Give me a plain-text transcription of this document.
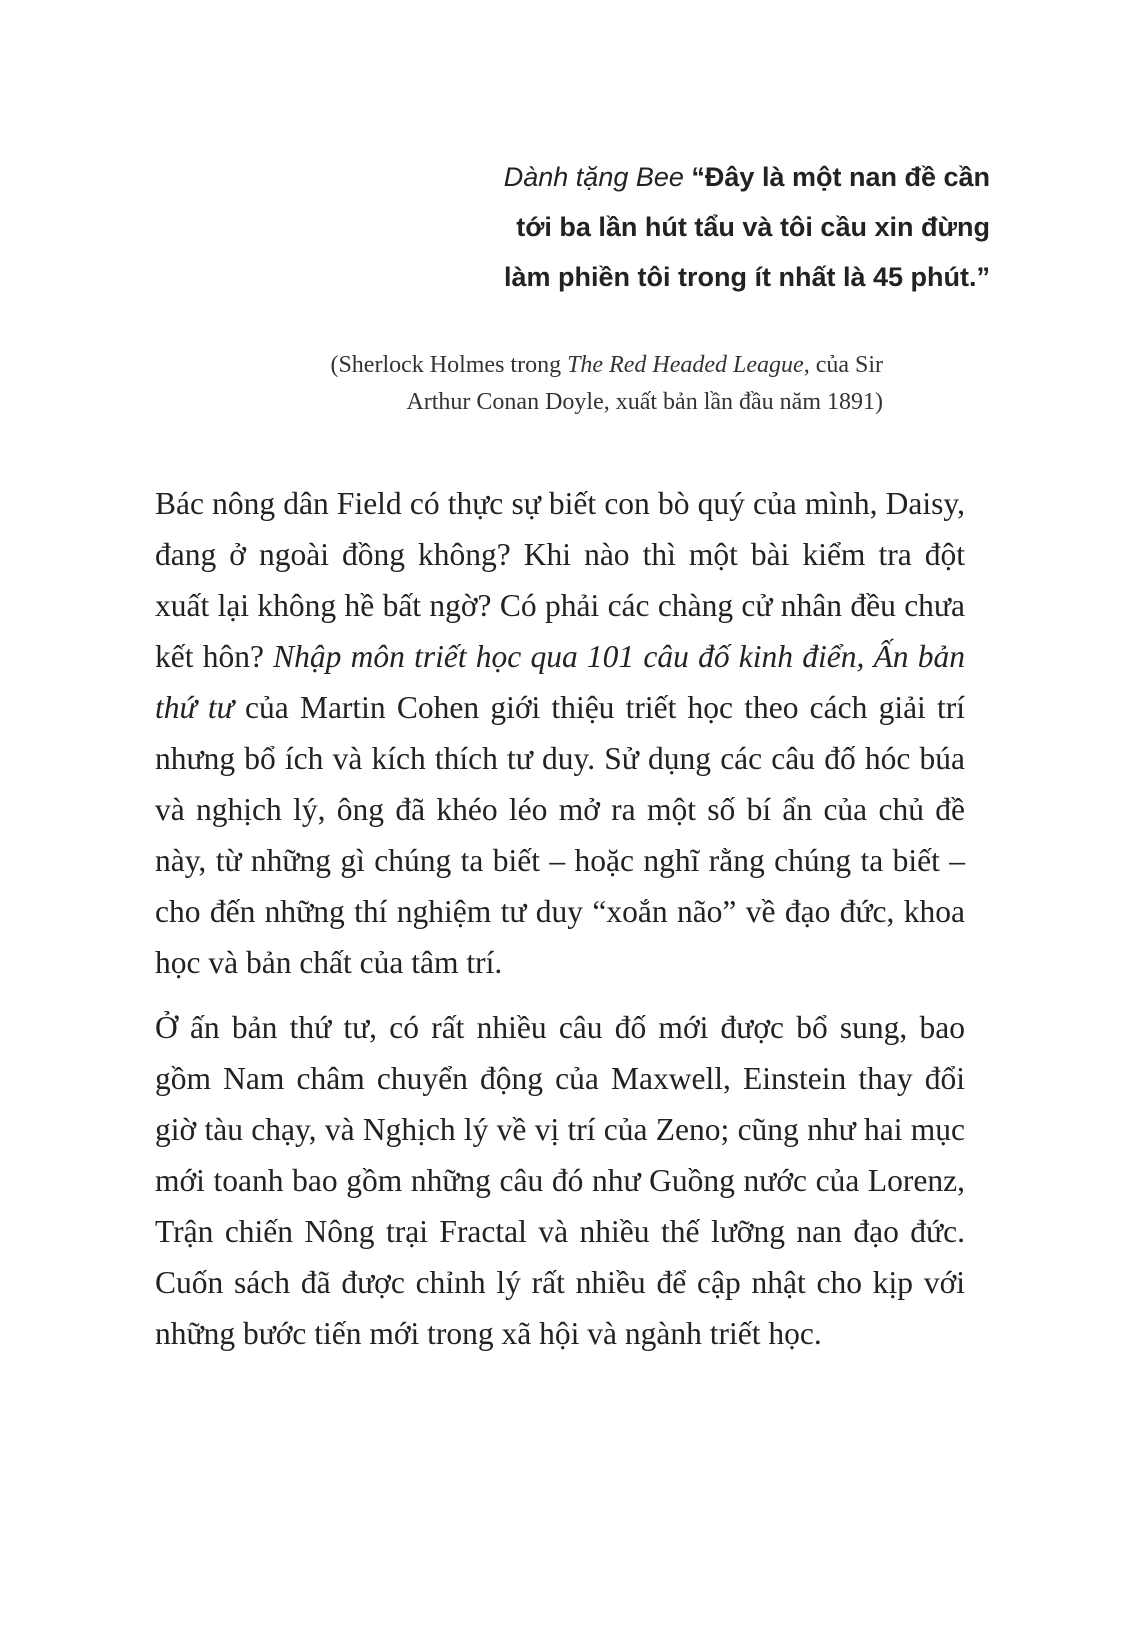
Dành tặng Bee “Đây là một nan đề cần tới ba lần hút tẩu và tôi cầu xin đừng làm phiền tôi trong ít nhất là 45 phút.”
(Sherlock Holmes trong The Red Headed League, của Sir Arthur Conan Doyle, xuất bản lần đầu năm 1891)

Bác nông dân Field có thực sự biết con bò quý của mình, Daisy, đang ở ngoài đồng không? Khi nào thì một bài kiểm tra đột xuất lại không hề bất ngờ? Có phải các chàng cử nhân đều chưa kết hôn? Nhập môn triết học qua 101 câu đố kinh điển, Ấn bản thứ tư của Martin Cohen giới thiệu triết học theo cách giải trí nhưng bổ ích và kích thích tư duy. Sử dụng các câu đố hóc búa và nghịch lý, ông đã khéo léo mở ra một số bí ẩn của chủ đề này, từ những gì chúng ta biết – hoặc nghĩ rằng chúng ta biết – cho đến những thí nghiệm tư duy “xoắn não” về đạo đức, khoa học và bản chất của tâm trí.

Ở ấn bản thứ tư, có rất nhiều câu đố mới được bổ sung, bao gồm Nam châm chuyển động của Maxwell, Einstein thay đổi giờ tàu chạy, và Nghịch lý về vị trí của Zeno; cũng như hai mục mới toanh bao gồm những câu đó như Guồng nước của Lorenz, Trận chiến Nông trại Fractal và nhiều thế lưỡng nan đạo đức. Cuốn sách đã được chỉnh lý rất nhiều để cập nhật cho kịp với những bước tiến mới trong xã hội và ngành triết học.
